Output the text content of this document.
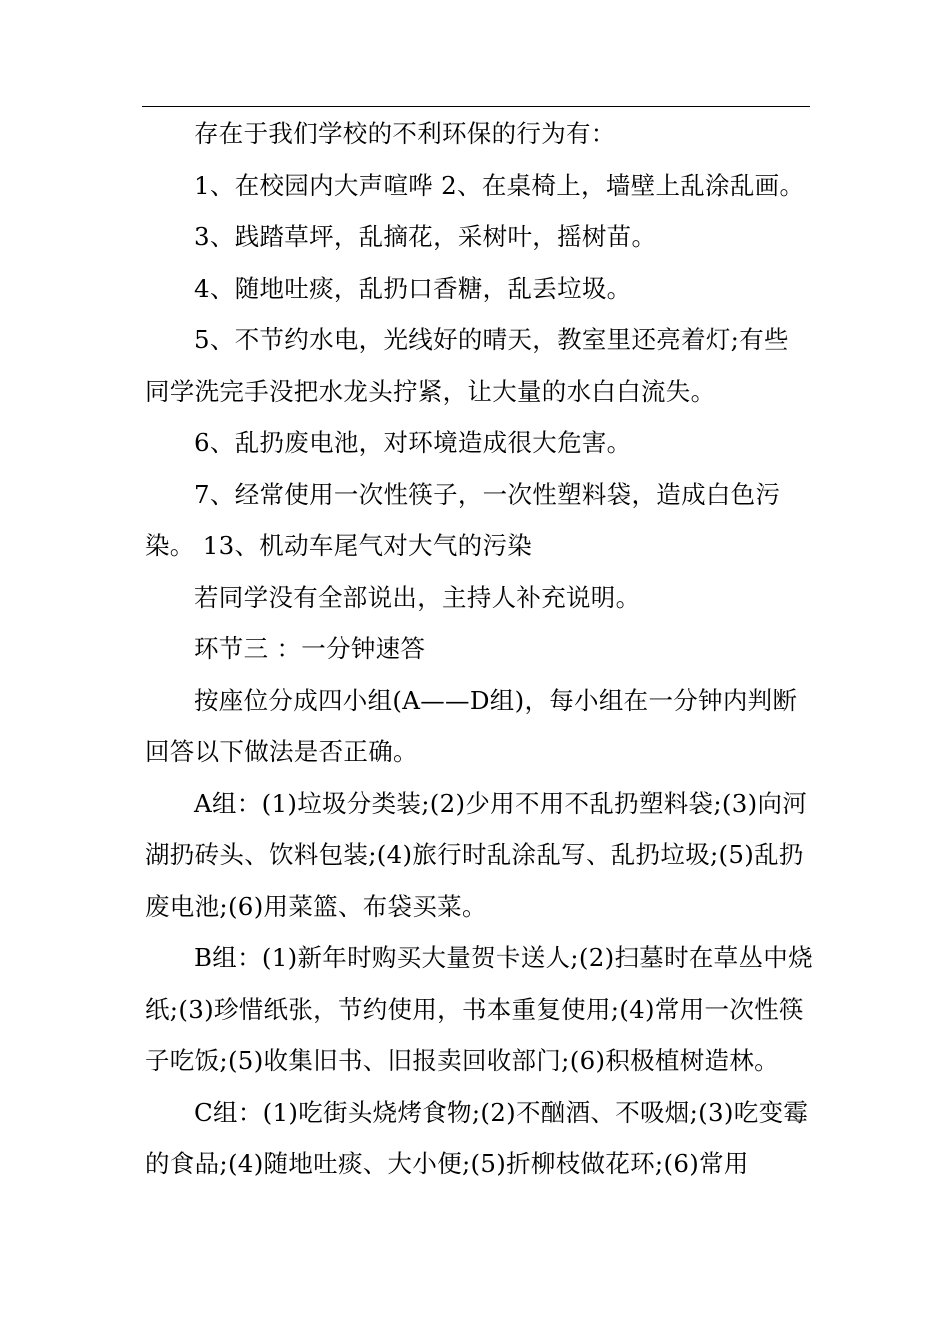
存在于我们学校的不利环保的行为有：

1、在校园内大声喧哗 2、在桌椅上，墙壁上乱涂乱画。

3、践踏草坪，乱摘花，采树叶，摇树苗。

4、随地吐痰，乱扔口香糖，乱丢垃圾。

5、不节约水电，光线好的晴天，教室里还亮着灯;有些同学洗完手没把水龙头拧紧，让大量的水白白流失。

6、乱扔废电池，对环境造成很大危害。

7、经常使用一次性筷子，一次性塑料袋，造成白色污染。 13、机动车尾气对大气的污染

若同学没有全部说出，主持人补充说明。

环节三 ：一分钟速答

按座位分成四小组(A——D组)，每小组在一分钟内判断回答以下做法是否正确。

A组：(1)垃圾分类装;(2)少用不用不乱扔塑料袋;(3)向河湖扔砖头、饮料包装;(4)旅行时乱涂乱写、乱扔垃圾;(5)乱扔废电池;(6)用菜篮、布袋买菜。

B组：(1)新年时购买大量贺卡送人;(2)扫墓时在草丛中烧纸;(3)珍惜纸张，节约使用，书本重复使用;(4)常用一次性筷子吃饭;(5)收集旧书、旧报卖回收部门;(6)积极植树造林。

C组：(1)吃街头烧烤食物;(2)不酗酒、不吸烟;(3)吃变霉的食品;(4)随地吐痰、大小便;(5)折柳枝做花环;(6)常用
